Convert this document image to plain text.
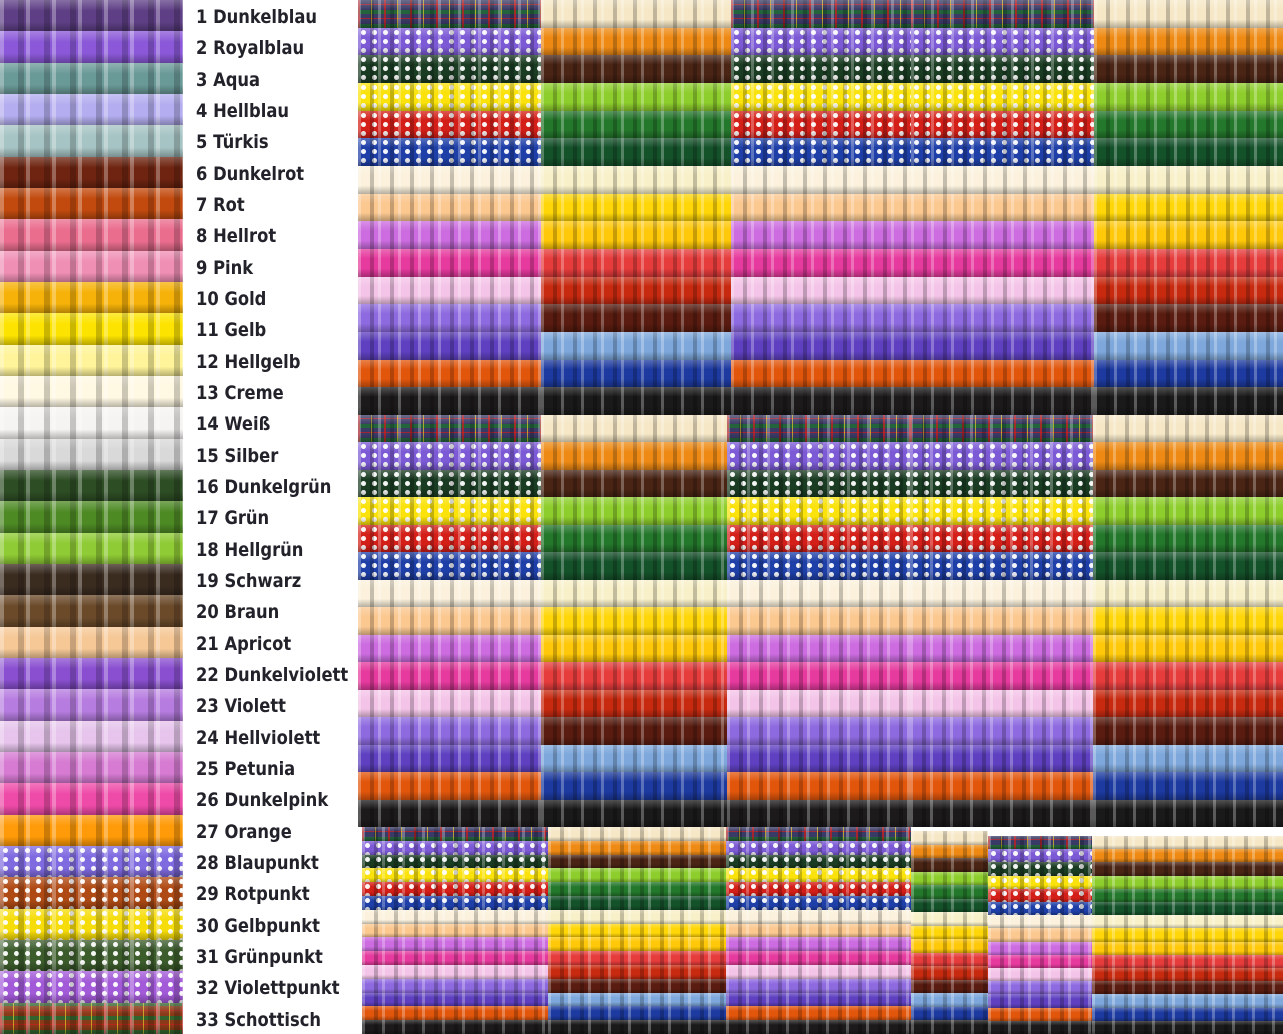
1 Dunkelblau
2 Royalblau
3 Aqua
4 Hellblau
5 Türkis
6 Dunkelrot
7 Rot
8 Hellrot
9 Pink
10 Gold
11 Gelb
12 Hellgelb
13 Creme
14 Weiß
15 Silber
16 Dunkelgrün
17 Grün
18 Hellgrün
19 Schwarz
20 Braun
21 Apricot
22 Dunkelviolett
23 Violett
24 Hellviolett
25 Petunia
26 Dunkelpink
27 Orange
28 Blaupunkt
29 Rotpunkt
30 Gelbpunkt
31 Grünpunkt
32 Violettpunkt
33 Schottisch
